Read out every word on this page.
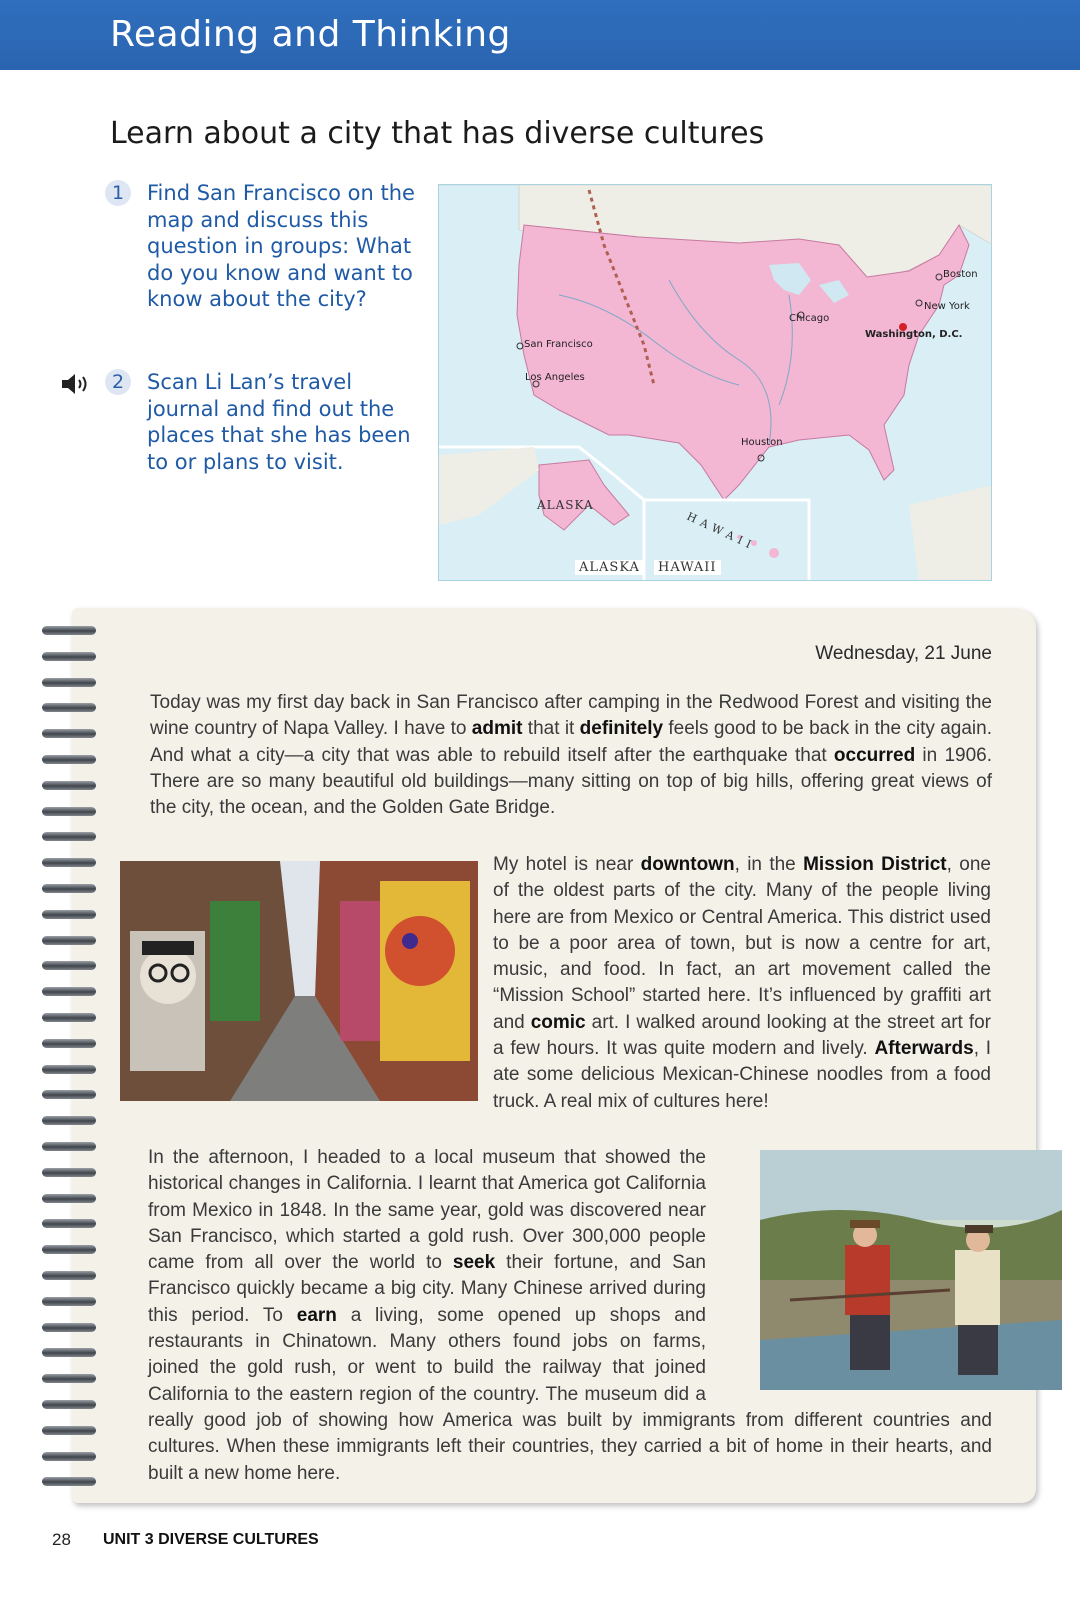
Reading and Thinking
Learn about a city that has diverse cultures
1	Find San Francisco on the map and discuss this question in groups: What do you know and want to know about the city?
2	Scan Li Lan’s travel journal and find out the places that she has been to or plans to visit.
San Francisco
Los Angeles
Chicago
Washington, D.C.
New York
Boston
Houston
ALASKA
HAWAII
ALASKA	HAWAII
Wednesday, 21 June
Today was my first day back in San Francisco after camping in the Redwood Forest and visiting the wine country of Napa Valley. I have to admit that it definitely feels good to be back in the city again. And what a city—a city that was able to rebuild itself after the earthquake that occurred in 1906. There are so many beautiful old buildings—many sitting on top of big hills, offering great views of the city, the ocean, and the Golden Gate Bridge.
My hotel is near downtown, in the Mission District, one of the oldest parts of the city. Many of the people living here are from Mexico or Central America. This district used to be a poor area of town, but is now a centre for art, music, and food. In fact, an art movement called the “Mission School” started here. It’s influenced by graffiti art and comic art. I walked around looking at the street art for a few hours. It was quite modern and lively. Afterwards, I ate some delicious Mexican-Chinese noodles from a food truck. A real mix of cultures here!
In the afternoon, I headed to a local museum that showed the historical changes in California. I learnt that America got California from Mexico in 1848. In the same year, gold was discovered near San Francisco, which started a gold rush. Over 300,000 people came from all over the world to seek their fortune, and San Francisco quickly became a big city. Many Chinese arrived during this period. To earn a living, some opened up shops and restaurants in Chinatown. Many others found jobs on farms, joined the gold rush, or went to build the railway that joined California to the eastern region of the country. The museum did a really good job of showing how America was built by immigrants from different countries and cultures. When these immigrants left their countries, they carried a bit of home in their hearts, and built a new home here.
28 UNIT 3 DIVERSE CULTURES
